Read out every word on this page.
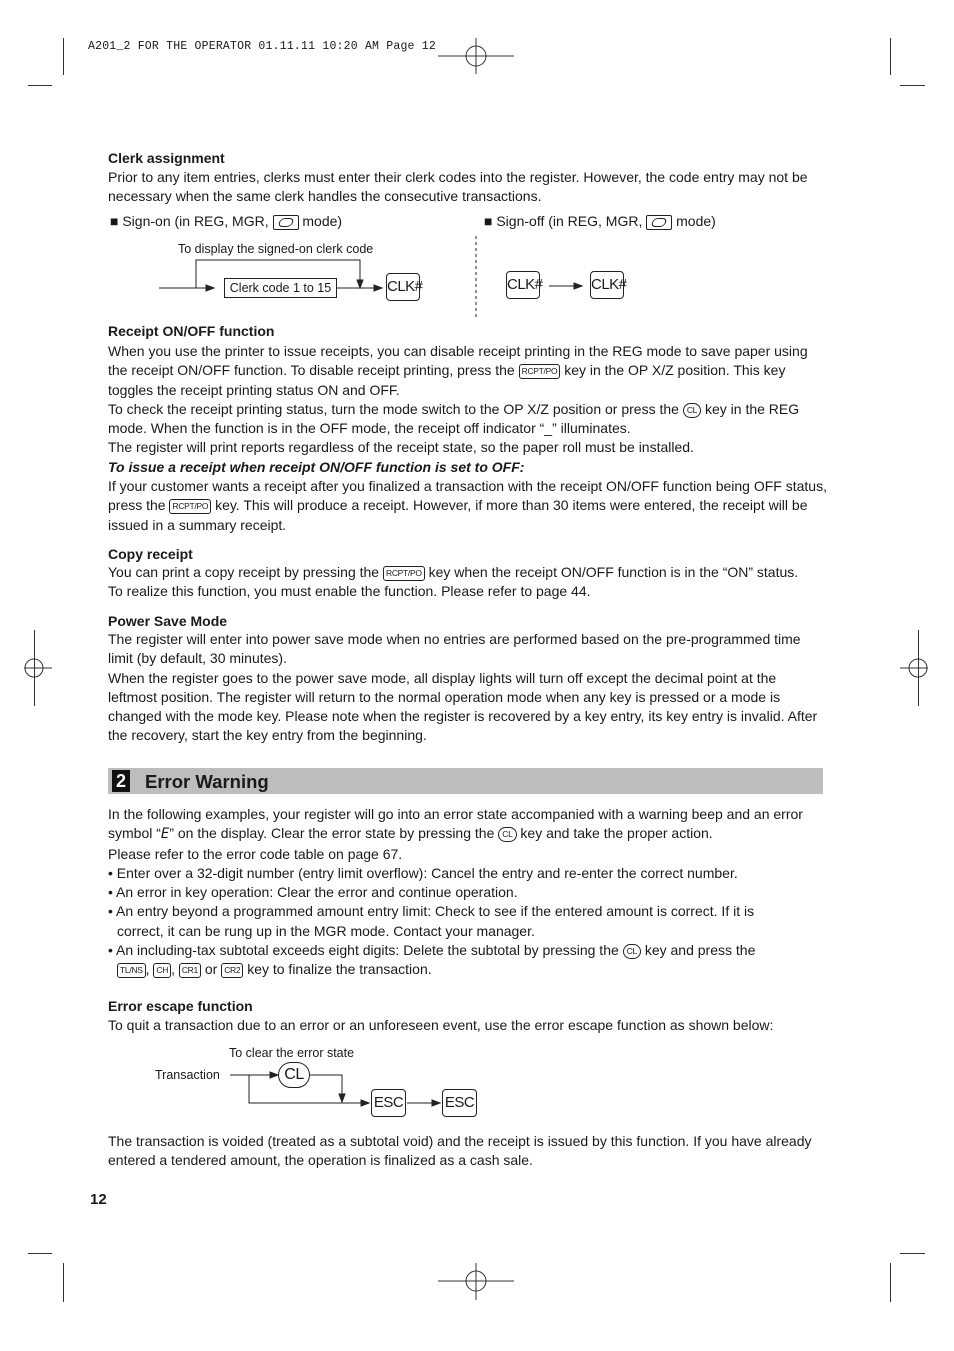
A201_2 FOR THE OPERATOR 01.11.11 10:20 AM Page 12
Clerk assignment
Prior to any item entries, clerks must enter their clerk codes into the register. However, the code entry may not be necessary when the same clerk handles the consecutive transactions.
■ Sign-on (in REG, MGR, mode)	■ Sign-off (in REG, MGR, mode)
To display the signed-on clerk code
Clerk code 1 to 15	CLK#	CLK#	CLK#
Receipt ON/OFF function
When you use the printer to issue receipts, you can disable receipt printing in the REG mode to save paper using the receipt ON/OFF function. To disable receipt printing, press the RCPT/PO key in the OP X/Z position. This key toggles the receipt printing status ON and OFF.
To check the receipt printing status, turn the mode switch to the OP X/Z position or press the CL key in the REG mode. When the function is in the OFF mode, the receipt off indicator “_” illuminates.
The register will print reports regardless of the receipt state, so the paper roll must be installed.
To issue a receipt when receipt ON/OFF function is set to OFF:
If your customer wants a receipt after you finalized a transaction with the receipt ON/OFF function being OFF status, press the RCPT/PO key. This will produce a receipt. However, if more than 30 items were entered, the receipt will be issued in a summary receipt.
Copy receipt
You can print a copy receipt by pressing the RCPT/PO key when the receipt ON/OFF function is in the “ON” status.
To realize this function, you must enable the function. Please refer to page 44.
Power Save Mode
The register will enter into power save mode when no entries are performed based on the pre-programmed time limit (by default, 30 minutes).
When the register goes to the power save mode, all display lights will turn off except the decimal point at the leftmost position. The register will return to the normal operation mode when any key is pressed or a mode is changed with the mode key. Please note when the register is recovered by a key entry, its key entry is invalid. After the recovery, start the key entry from the beginning.
2 Error Warning
In the following examples, your register will go into an error state accompanied with a warning beep and an error symbol “E” on the display. Clear the error state by pressing the CL key and take the proper action.
Please refer to the error code table on page 67.
• Enter over a 32-digit number (entry limit overflow): Cancel the entry and re-enter the correct number.
• An error in key operation: Clear the error and continue operation.
• An entry beyond a programmed amount entry limit: Check to see if the entered amount is correct. If it is
correct, it can be rung up in the MGR mode. Contact your manager.
• An including-tax subtotal exceeds eight digits: Delete the subtotal by pressing the CL key and press the
TL/NS , CH , CR1 or CR2 key to finalize the transaction.
Error escape function
To quit a transaction due to an error or an unforeseen event, use the error escape function as shown below:
To clear the error state
Transaction	CL
ESC	ESC
The transaction is voided (treated as a subtotal void) and the receipt is issued by this function. If you have already entered a tendered amount, the operation is finalized as a cash sale.
12
